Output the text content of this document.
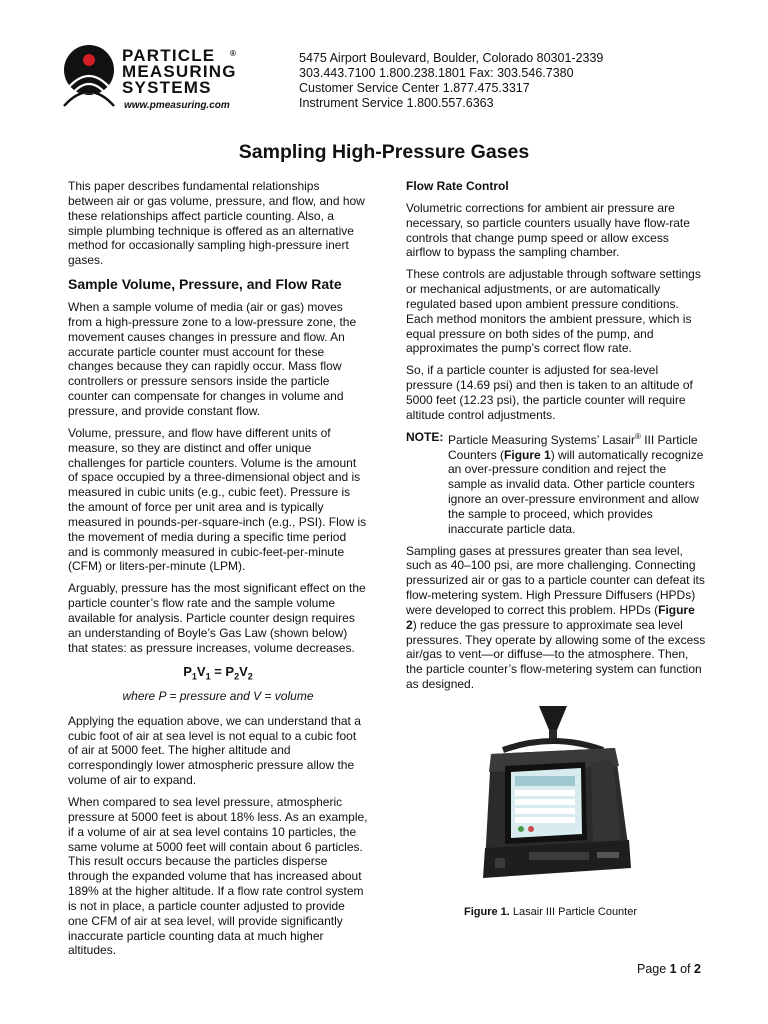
PARTICLE
MEASURING
SYSTEMS
®
www.pmeasuring.com
5475 Airport Boulevard, Boulder, Colorado 80301-2339
303.443.7100 1.800.238.1801 Fax: 303.546.7380
Customer Service Center 1.877.475.3317
Instrument Service 1.800.557.6363
Sampling High-Pressure Gases

This paper describes fundamental relationships between air or gas volume, pressure, and flow, and how these relationships affect particle counting. Also, a simple plumbing technique is offered as an alternative method for occasionally sampling high-pressure inert gases.

Sample Volume, Pressure, and Flow Rate

When a sample volume of media (air or gas) moves from a high-pressure zone to a low-pressure zone, the movement causes changes in pressure and flow. An accurate particle counter must account for these changes because they can rapidly occur. Mass flow controllers or pressure sensors inside the particle counter can compensate for changes in volume and pressure, and provide constant flow.

Volume, pressure, and flow have different units of measure, so they are distinct and offer unique challenges for particle counters. Volume is the amount of space occupied by a three-dimensional object and is measured in cubic units (e.g., cubic feet). Pressure is the amount of force per unit area and is typically measured in pounds-per-square-inch (e.g., PSI). Flow is the movement of media during a specific time period and is commonly measured in cubic-feet-per-minute (CFM) or liters-per-minute (LPM).

Arguably, pressure has the most significant effect on the particle counter’s flow rate and the sample volume available for analysis. Particle counter design requires an understanding of Boyle’s Gas Law (shown below) that states: as pressure increases, volume decreases.

$P_1V_1 = P_2V_2$
where P = pressure and V = volume

Applying the equation above, we can understand that a cubic foot of air at sea level is not equal to a cubic foot of air at 5000 feet. The higher altitude and correspondingly lower atmospheric pressure allow the volume of air to expand.

When compared to sea level pressure, atmospheric pressure at 5000 feet is about 18% less. As an example, if a volume of air at sea level contains 10 particles, the same volume at 5000 feet will contain about 6 particles. This result occurs because the particles disperse through the expanded volume that has increased about 189% at the higher altitude. If a flow rate control system is not in place, a particle counter adjusted to provide one CFM of air at sea level, will provide significantly inaccurate particle counting data at much higher altitudes.

Flow Rate Control

Volumetric corrections for ambient air pressure are necessary, so particle counters usually have flow-rate controls that change pump speed or allow excess airflow to bypass the sampling chamber.

These controls are adjustable through software settings or mechanical adjustments, or are automatically regulated based upon ambient pressure conditions. Each method monitors the ambient pressure, which is equal pressure on both sides of the pump, and approximates the pump’s correct flow rate.

So, if a particle counter is adjusted for sea-level pressure (14.69 psi) and then is taken to an altitude of 5000 feet (12.23 psi), the particle counter will require altitude control adjustments.

NOTE: Particle Measuring Systems’ Lasair® III Particle Counters (Figure 1) will automatically recognize an over-pressure condition and reject the sample as invalid data. Other particle counters ignore an over-pressure environment and allow the sample to proceed, which provides inaccurate particle data.

Sampling gases at pressures greater than sea level, such as 40–100 psi, are more challenging. Connecting pressurized air or gas to a particle counter can defeat its flow-metering system. High Pressure Diffusers (HPDs) were developed to correct this problem. HPDs (Figure 2) reduce the gas pressure to approximate sea level pressures. They operate by allowing some of the excess air/gas to vent—or diffuse—to the atmosphere. Then, the particle counter’s flow-metering system can function as designed.

Figure 1. Lasair III Particle Counter
Page 1 of 2
